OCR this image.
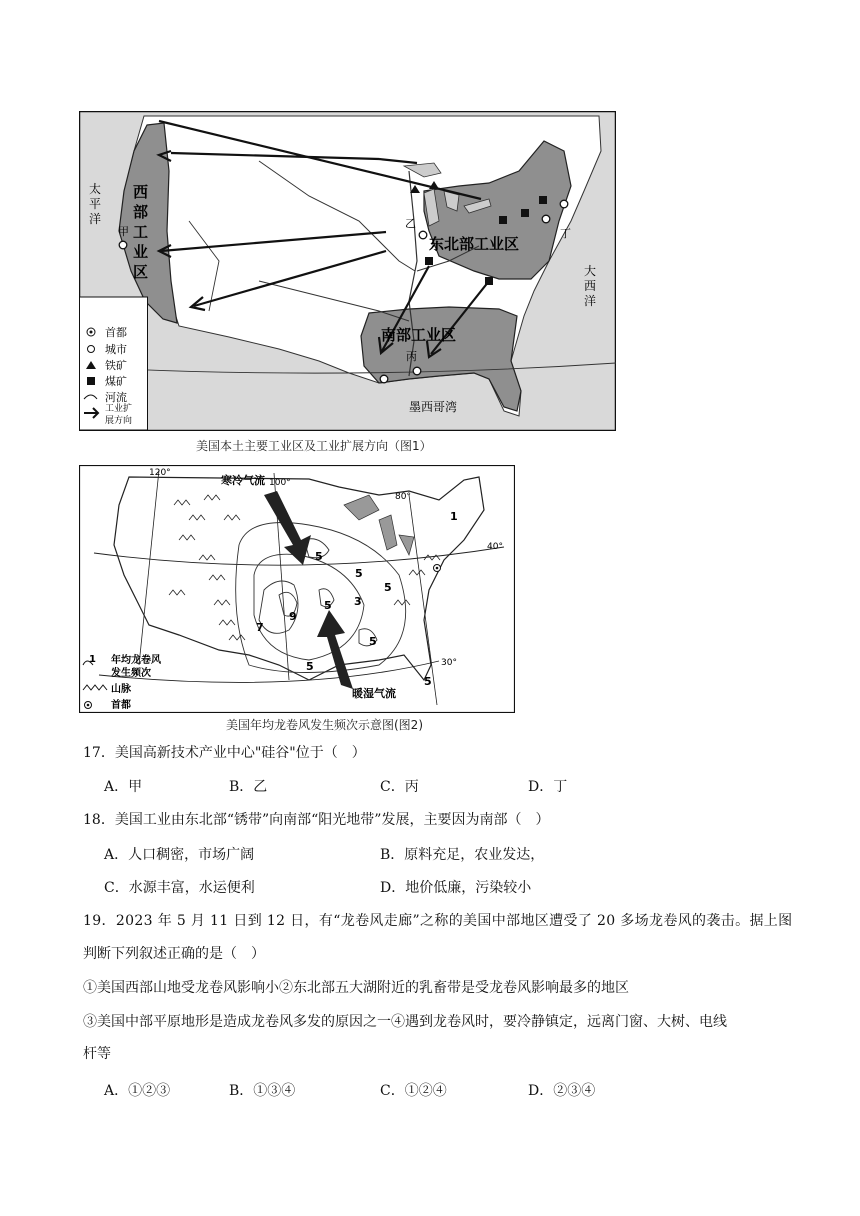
太
平
洋
大
西
洋
墨西哥湾
西
部
工
业
区
东北部工业区
南部工业区
甲
乙
丙
丁
首都
城市
铁矿
煤矿
河流
工业扩
展方向
美国本土主要工业区及工业扩展方向（图1）
寒冷气流
暖湿气流
120°
100°
80°
40°
30°
1
3
5
5
5
5
5
5
5
7
9
1 年均龙卷风
发生频次
山脉
首都
美国年均龙卷风发生频次示意图(图2)
17．美国高新技术产业中心"硅谷"位于（　）
A．甲	B．乙	C．丙	D．丁
18．美国工业由东北部“锈带”向南部“阳光地带”发展，主要因为南部（　）
A．人口稠密，市场广阔	B．原料充足，农业发达，
C．水源丰富，水运便利	D．地价低廉，污染较小
19．2023 年 5 月 11 日到 12 日，有“龙卷风走廊”之称的美国中部地区遭受了 20 多场龙卷风的袭击。据上图
判断下列叙述正确的是（　）
①美国西部山地受龙卷风影响小②东北部五大湖附近的乳畜带是受龙卷风影响最多的地区
③美国中部平原地形是造成龙卷风多发的原因之一④遇到龙卷风时，要冷静镇定，远离门窗、大树、电线
杆等
A．①②③	B．①③④	C．①②④	D．②③④
